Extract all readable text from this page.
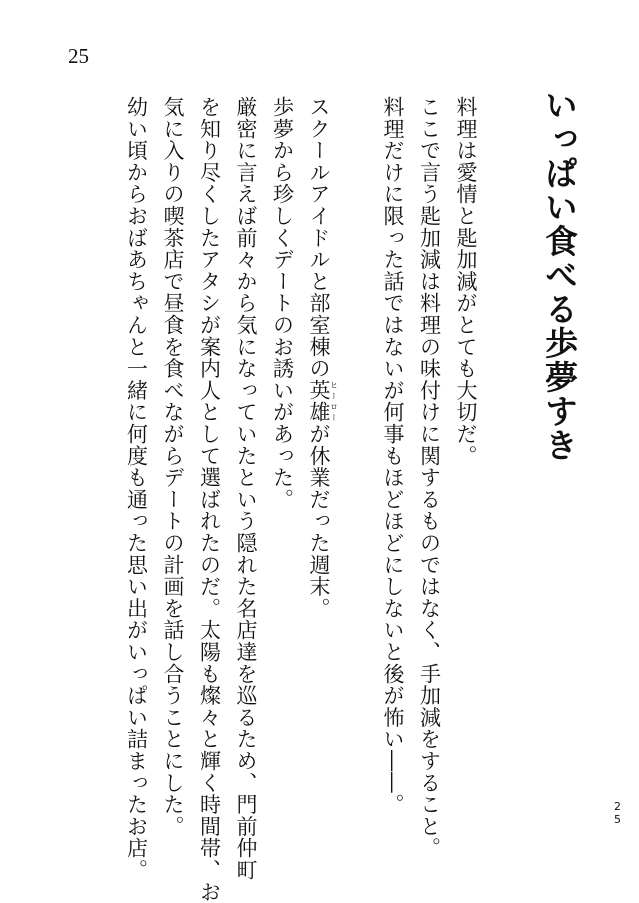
25
いっぱい食べる歩夢すき

料理は愛情と匙加減がとても大切だ。

ここで言う匙加減は料理の味付けに関するものではなく、手加減をすること。

料理だけに限った話ではないが何事もほどほどにしないと後が怖い――。

スクールアイドルと部室棟の英雄ヒーローが休業だった週末。

歩夢から珍しくデートのお誘いがあった。

厳密に言えば前々から気になっていたという隠れた名店達を巡るため、門前仲町

を知り尽くしたアタシが案内人として選ばれたのだ。太陽も燦々と輝く時間帯、お

気に入りの喫茶店で昼食を食べながらデートの計画を話し合うことにした。

幼い頃からおばあちゃんと一緒に何度も通った思い出がいっぱい詰まったお店。	25
